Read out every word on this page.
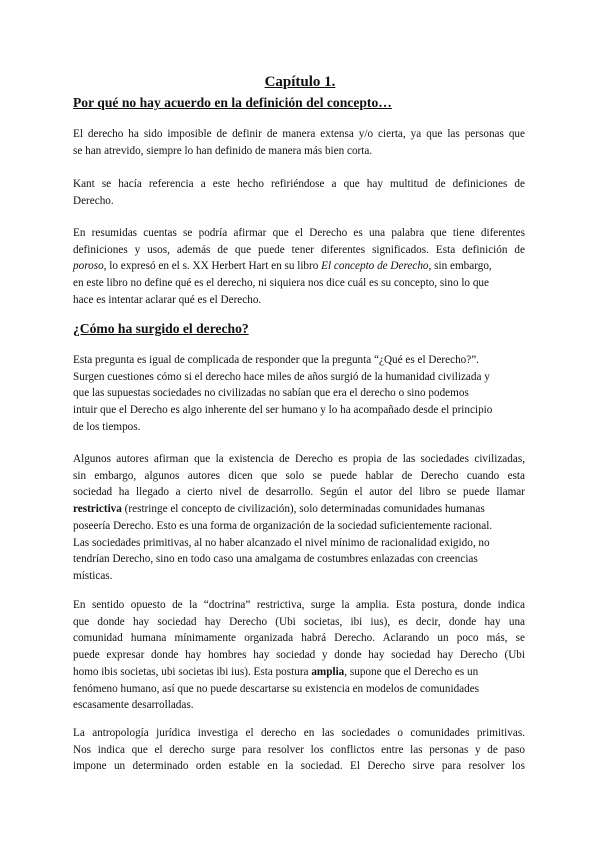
Capítulo 1.
Por qué no hay acuerdo en la definición del concepto…

El derecho ha sido imposible de definir de manera extensa y/o cierta, ya que las personas que
se han atrevido, siempre lo han definido de manera más bien corta.

Kant se hacía referencia a este hecho refiriéndose a que hay multitud de definiciones de
Derecho.

En resumidas cuentas se podría afirmar que el Derecho es una palabra que tiene diferentes
definiciones y usos, además de que puede tener diferentes significados. Esta definición de
poroso, lo expresó en el s. XX Herbert Hart en su libro El concepto de Derecho, sin embargo,
en este libro no define qué es el derecho, ni siquiera nos dice cuál es su concepto, sino lo que
hace es intentar aclarar qué es el Derecho.

¿Cómo ha surgido el derecho?

Esta pregunta es igual de complicada de responder que la pregunta “¿Qué es el Derecho?”.
Surgen cuestiones cómo si el derecho hace miles de años surgió de la humanidad civilizada y
que las supuestas sociedades no civilizadas no sabían que era el derecho o sino podemos
intuir que el Derecho es algo inherente del ser humano y lo ha acompañado desde el principio
de los tiempos.

Algunos autores afirman que la existencia de Derecho es propia de las sociedades civilizadas,
sin embargo, algunos autores dicen que solo se puede hablar de Derecho cuando esta
sociedad ha llegado a cierto nivel de desarrollo. Según el autor del libro se puede llamar
restrictiva (restringe el concepto de civilización), solo determinadas comunidades humanas
poseería Derecho. Esto es una forma de organización de la sociedad suficientemente racional.
Las sociedades primitivas, al no haber alcanzado el nivel mínimo de racionalidad exigido, no
tendrían Derecho, sino en todo caso una amalgama de costumbres enlazadas con creencias
místicas.

En sentido opuesto de la “doctrina” restrictiva, surge la amplia. Esta postura, donde indica
que donde hay sociedad hay Derecho (Ubi societas, ibi ius), es decir, donde hay una
comunidad humana mínimamente organizada habrá Derecho. Aclarando un poco más, se
puede expresar donde hay hombres hay sociedad y donde hay sociedad hay Derecho (Ubi
homo ibis societas, ubi societas ibi ius). Esta postura amplia, supone que el Derecho es un
fenómeno humano, así que no puede descartarse su existencia en modelos de comunidades
escasamente desarrolladas.

La antropología jurídica investiga el derecho en las sociedades o comunidades primitivas.
Nos indica que el derecho surge para resolver los conflictos entre las personas y de paso
impone un determinado orden estable en la sociedad. El Derecho sirve para resolver los
